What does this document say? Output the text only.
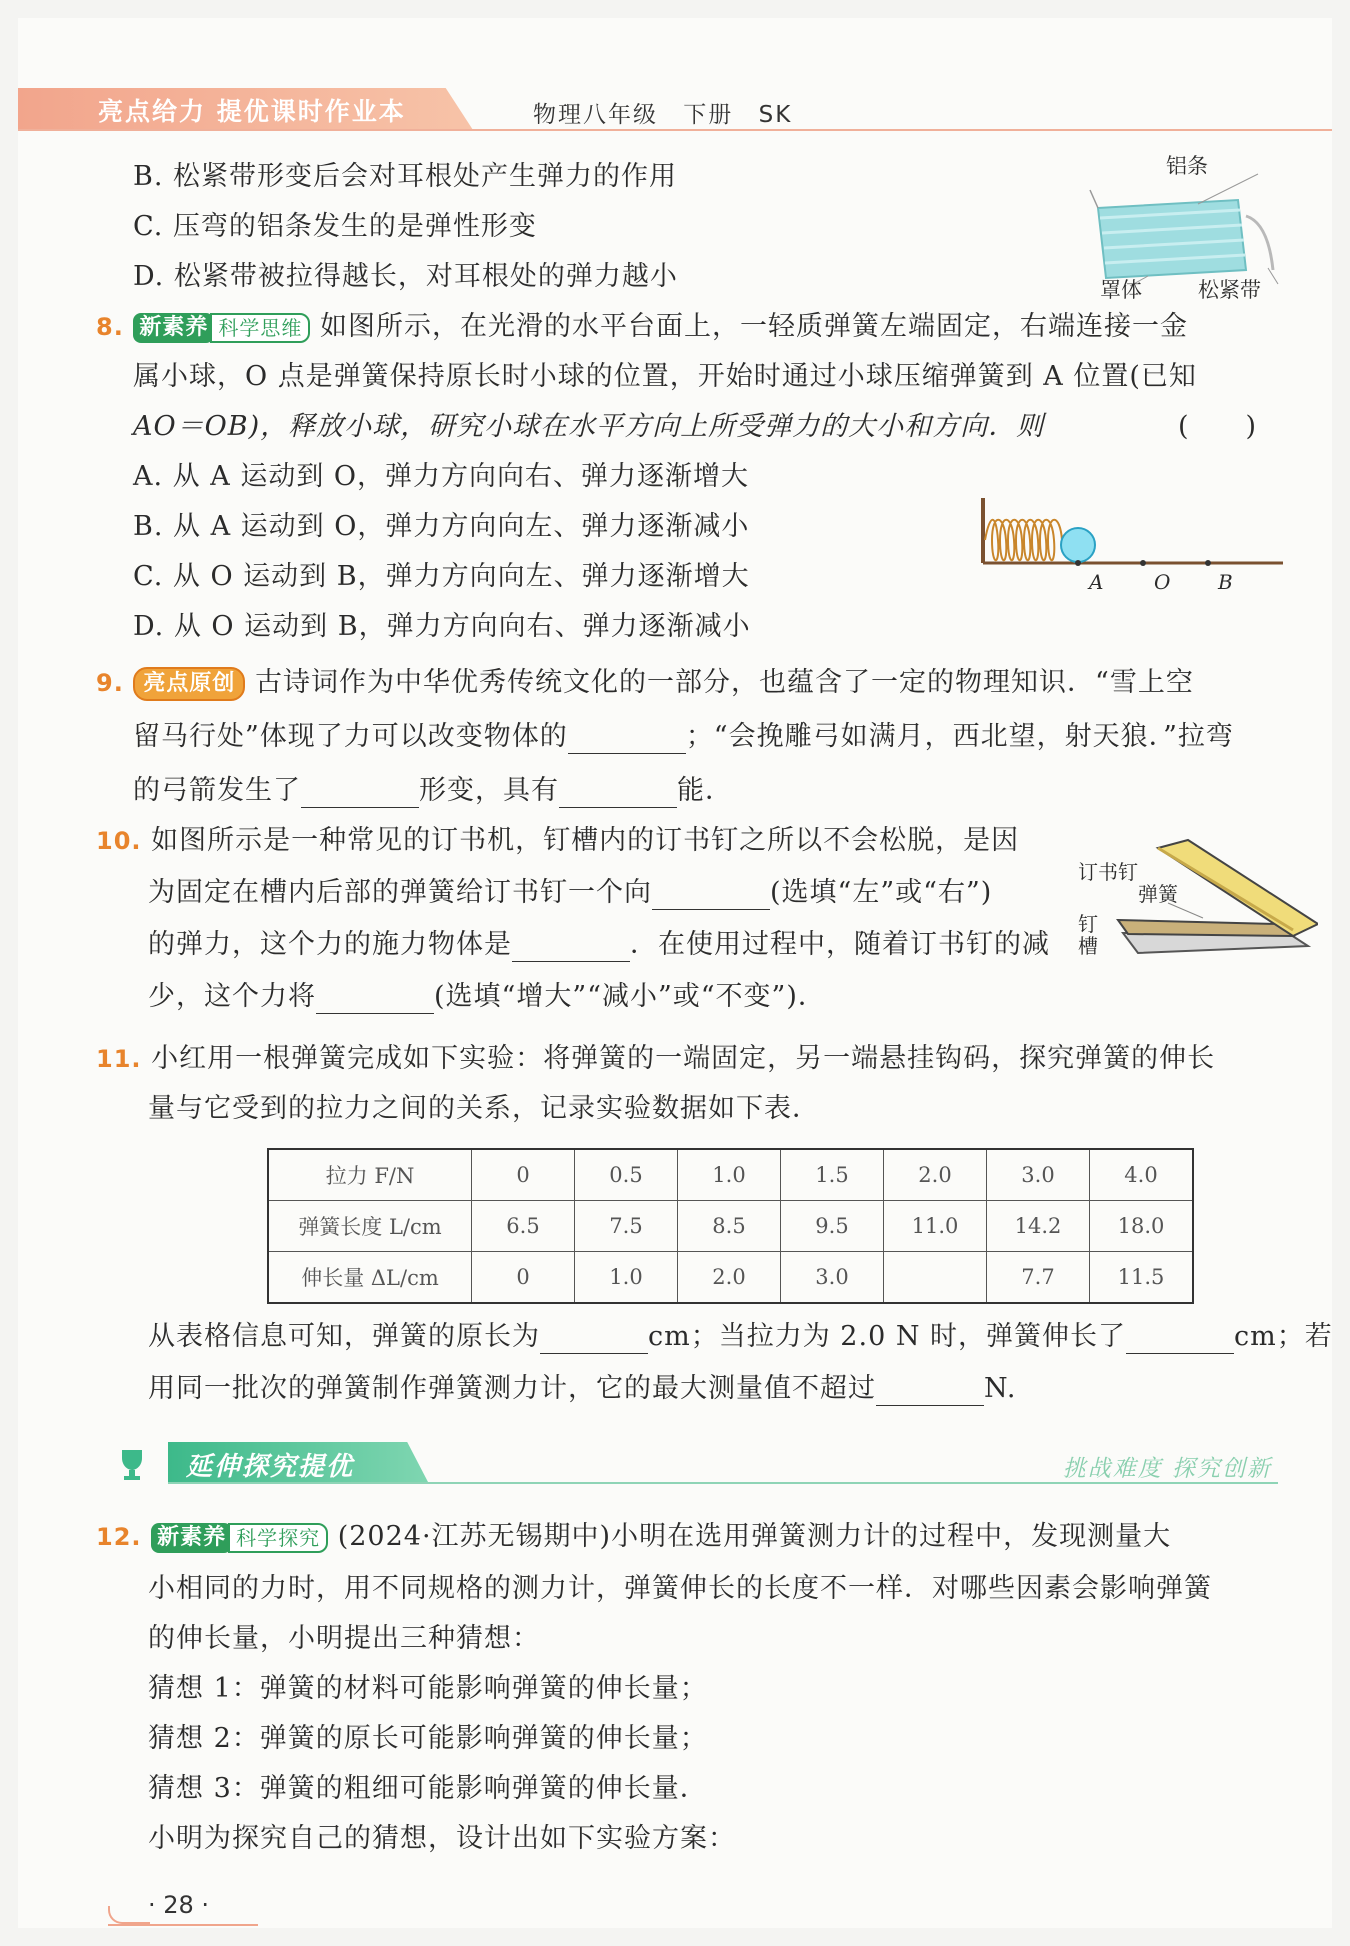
亮点给力 提优课时作业本	物理八年级 下册 SK
B. 松紧带形变后会对耳根处产生弹力的作用
C. 压弯的铝条发生的是弹性形变
D. 松紧带被拉得越长，对耳根处的弹力越小
铝条
罩体	松紧带
8. 新素养 科学思维 如图所示，在光滑的水平台面上，一轻质弹簧左端固定，右端连接一金
属小球，O 点是弹簧保持原长时小球的位置，开始时通过小球压缩弹簧到 A 位置(已知
AO＝OB)，释放小球，研究小球在水平方向上所受弹力的大小和方向．则	(　　)
A. 从 A 运动到 O，弹力方向向右、弹力逐渐增大
B. 从 A 运动到 O，弹力方向向左、弹力逐渐减小
C. 从 O 运动到 B，弹力方向向左、弹力逐渐增大
D. 从 O 运动到 B，弹力方向向右、弹力逐渐减小
A	O B
9. 亮点原创 古诗词作为中华优秀传统文化的一部分，也蕴含了一定的物理知识．“雪上空
留马行处”体现了力可以改变物体的	；“会挽雕弓如满月，西北望，射天狼．”拉弯
的弓箭发生了	形变，具有	能．
10. 如图所示是一种常见的订书机，钉槽内的订书钉之所以不会松脱，是因
为固定在槽内后部的弹簧给订书钉一个向	(选填“左”或“右”)
的弹力，这个力的施力物体是	．在使用过程中，随着订书钉的减
少，这个力将	(选填“增大”“减小”或“不变”)．
订书钉
弹簧
钉
槽
11. 小红用一根弹簧完成如下实验：将弹簧的一端固定，另一端悬挂钩码，探究弹簧的伸长
量与它受到的拉力之间的关系，记录实验数据如下表．
拉力 F/N	0	0.5	1.0	1.5	2.0	3.0	4.0
弹簧长度 L/cm	6.5	7.5	8.5	9.5	11.0	14.2	18.0
伸长量 ΔL/cm	0	1.0	2.0	3.0		7.7	11.5
从表格信息可知，弹簧的原长为	cm；当拉力为 2.0 N 时，弹簧伸长了	cm；若
用同一批次的弹簧制作弹簧测力计，它的最大测量值不超过	N.
延伸探究提优	挑战难度 探究创新
12. 新素养 科学探究 (2024·江苏无锡期中)小明在选用弹簧测力计的过程中，发现测量大
小相同的力时，用不同规格的测力计，弹簧伸长的长度不一样．对哪些因素会影响弹簧
的伸长量，小明提出三种猜想：
猜想 1：弹簧的材料可能影响弹簧的伸长量；
猜想 2：弹簧的原长可能影响弹簧的伸长量；
猜想 3：弹簧的粗细可能影响弹簧的伸长量．
小明为探究自己的猜想，设计出如下实验方案：
· 28 ·
